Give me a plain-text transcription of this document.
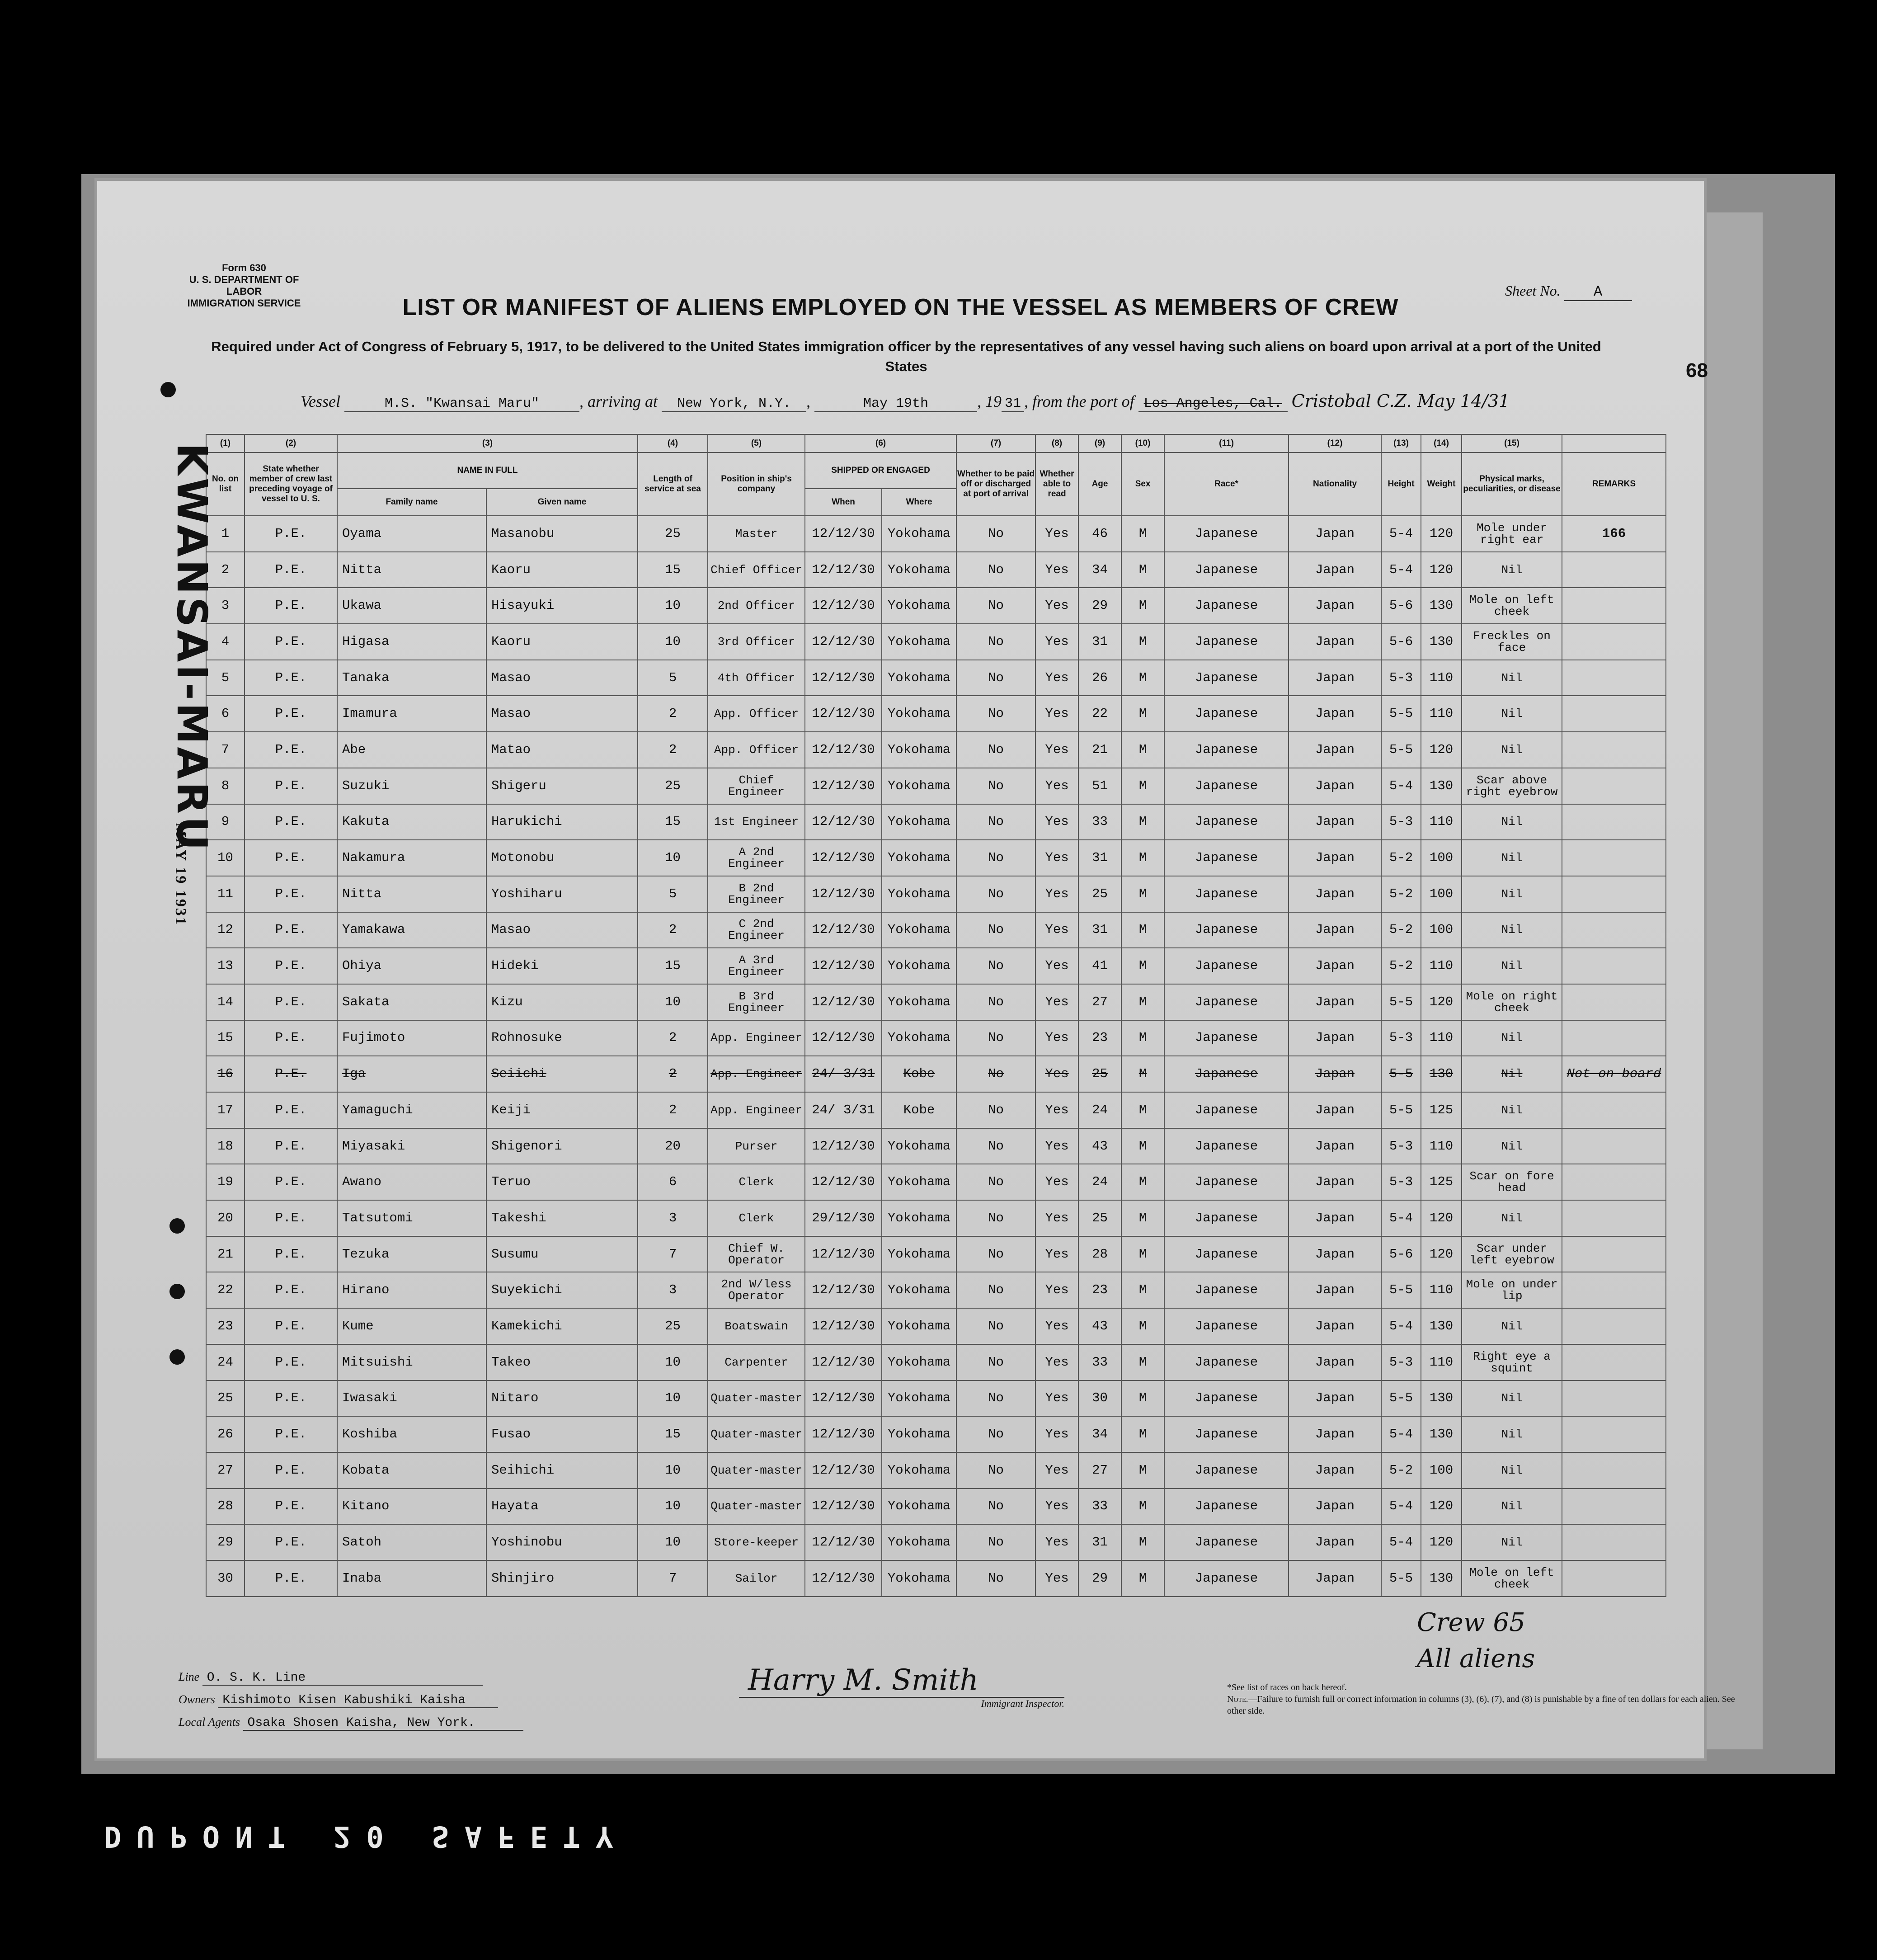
Form 630
U. S. DEPARTMENT OF LABOR
IMMIGRATION SERVICE
Sheet No. A
LIST OR MANIFEST OF ALIENS EMPLOYED ON THE VESSEL AS MEMBERS OF CREW
Required under Act of Congress of February 5, 1917, to be delivered to the United States immigration officer by the representatives of any vessel having such aliens on board upon arrival at a port of the United States	68
Vessel	M.S. "Kwansai Maru" , arriving at New York, N.Y. ,	May 19th	, 19 31 , from the port of Los Angeles, Cal. Cristobal C.Z. May 14/31
(1)	(2)	(3)		(4)	(5)	(6)		(7)	(8)	(9)	(10)	(11)	(12)	(13)	(14)	(15)	
No. on list	State whether member of crew last preceding voyage of vessel to U. S.	NAME IN FULL		Length of service at sea	Position in ship's company	SHIPPED OR ENGAGED		Whether to be paid off or discharged at port of arrival	Whether able to read	Age	Sex	Race*	Nationality	Height	Weight	Physical marks, peculiarities, or disease	REMARKS
		Family name	Given name			When	Where										
1	P.E.	Oyama	Masanobu	25	Master	12/12/30	Yokohama	No	Yes	46	M	Japanese	Japan	5-4	120	Mole under right ear	166
2	P.E.	Nitta	Kaoru	15	Chief Officer	12/12/30	Yokohama	No	Yes	34	M	Japanese	Japan	5-4	120	Nil	
3	P.E.	Ukawa	Hisayuki	10	2nd Officer	12/12/30	Yokohama	No	Yes	29	M	Japanese	Japan	5-6	130	Mole on left cheek	
4	P.E.	Higasa	Kaoru	10	3rd Officer	12/12/30	Yokohama	No	Yes	31	M	Japanese	Japan	5-6	130	Freckles on face	
5	P.E.	Tanaka	Masao	5	4th Officer	12/12/30	Yokohama	No	Yes	26	M	Japanese	Japan	5-3	110	Nil	
6	P.E.	Imamura	Masao	2	App. Officer	12/12/30	Yokohama	No	Yes	22	M	Japanese	Japan	5-5	110	Nil	
7	P.E.	Abe	Matao	2	App. Officer	12/12/30	Yokohama	No	Yes	21	M	Japanese	Japan	5-5	120	Nil	
8	P.E.	Suzuki	Shigeru	25	Chief Engineer	12/12/30	Yokohama	No	Yes	51	M	Japanese	Japan	5-4	130	Scar above right eyebrow	
9	P.E.	Kakuta	Harukichi	15	1st Engineer	12/12/30	Yokohama	No	Yes	33	M	Japanese	Japan	5-3	110	Nil	
10	P.E.	Nakamura	Motonobu	10	A 2nd Engineer	12/12/30	Yokohama	No	Yes	31	M	Japanese	Japan	5-2	100	Nil	
11	P.E.	Nitta	Yoshiharu	5	B 2nd Engineer	12/12/30	Yokohama	No	Yes	25	M	Japanese	Japan	5-2	100	Nil	
12	P.E.	Yamakawa	Masao	2	C 2nd Engineer	12/12/30	Yokohama	No	Yes	31	M	Japanese	Japan	5-2	100	Nil	
13	P.E.	Ohiya	Hideki	15	A 3rd Engineer	12/12/30	Yokohama	No	Yes	41	M	Japanese	Japan	5-2	110	Nil	
14	P.E.	Sakata	Kizu	10	B 3rd Engineer	12/12/30	Yokohama	No	Yes	27	M	Japanese	Japan	5-5	120	Mole on right cheek	
15	P.E.	Fujimoto	Rohnosuke	2	App. Engineer	12/12/30	Yokohama	No	Yes	23	M	Japanese	Japan	5-3	110	Nil	
16	P.E.	Iga	Seiichi	2	App. Engineer	24/ 3/31	Kobe	No	Yes	25	M	Japanese	Japan	5-5	130	Nil	Not on board
17	P.E.	Yamaguchi	Keiji	2	App. Engineer	24/ 3/31	Kobe	No	Yes	24	M	Japanese	Japan	5-5	125	Nil	
18	P.E.	Miyasaki	Shigenori	20	Purser	12/12/30	Yokohama	No	Yes	43	M	Japanese	Japan	5-3	110	Nil	
19	P.E.	Awano	Teruo	6	Clerk	12/12/30	Yokohama	No	Yes	24	M	Japanese	Japan	5-3	125	Scar on fore head	
20	P.E.	Tatsutomi	Takeshi	3	Clerk	29/12/30	Yokohama	No	Yes	25	M	Japanese	Japan	5-4	120	Nil	
21	P.E.	Tezuka	Susumu	7	Chief W. Operator	12/12/30	Yokohama	No	Yes	28	M	Japanese	Japan	5-6	120	Scar under left eyebrow	
22	P.E.	Hirano	Suyekichi	3	2nd W/less Operator	12/12/30	Yokohama	No	Yes	23	M	Japanese	Japan	5-5	110	Mole on under lip	
23	P.E.	Kume	Kamekichi	25	Boatswain	12/12/30	Yokohama	No	Yes	43	M	Japanese	Japan	5-4	130	Nil	
24	P.E.	Mitsuishi	Takeo	10	Carpenter	12/12/30	Yokohama	No	Yes	33	M	Japanese	Japan	5-3	110	Right eye a squint	
25	P.E.	Iwasaki	Nitaro	10	Quater-master	12/12/30	Yokohama	No	Yes	30	M	Japanese	Japan	5-5	130	Nil	
26	P.E.	Koshiba	Fusao	15	Quater-master	12/12/30	Yokohama	No	Yes	34	M	Japanese	Japan	5-4	130	Nil	
27	P.E.	Kobata	Seihichi	10	Quater-master	12/12/30	Yokohama	No	Yes	27	M	Japanese	Japan	5-2	100	Nil	
28	P.E.	Kitano	Hayata	10	Quater-master	12/12/30	Yokohama	No	Yes	33	M	Japanese	Japan	5-4	120	Nil	
29	P.E.	Satoh	Yoshinobu	10	Store-keeper	12/12/30	Yokohama	No	Yes	31	M	Japanese	Japan	5-4	120	Nil	
30	P.E.	Inaba	Shinjiro	7	Sailor	12/12/30	Yokohama	No	Yes	29	M	Japanese	Japan	5-5	130	Mole on left cheek	
KWANSAI-MARU
MAY 19 1931
Crew 65
All aliens
Line O. S. K. Line
Owners Kishimoto Kisen Kabushiki Kaisha
Local Agents Osaka Shosen Kaisha, New York.
Harry M. Smith
Immigrant Inspector.
*See list of races on back hereof.
Note.—Failure to furnish full or correct information in columns (3), (6), (7), and (8) is punishable by a fine of ten dollars for each alien. See other side.
DUPONT 20 SAFETY
